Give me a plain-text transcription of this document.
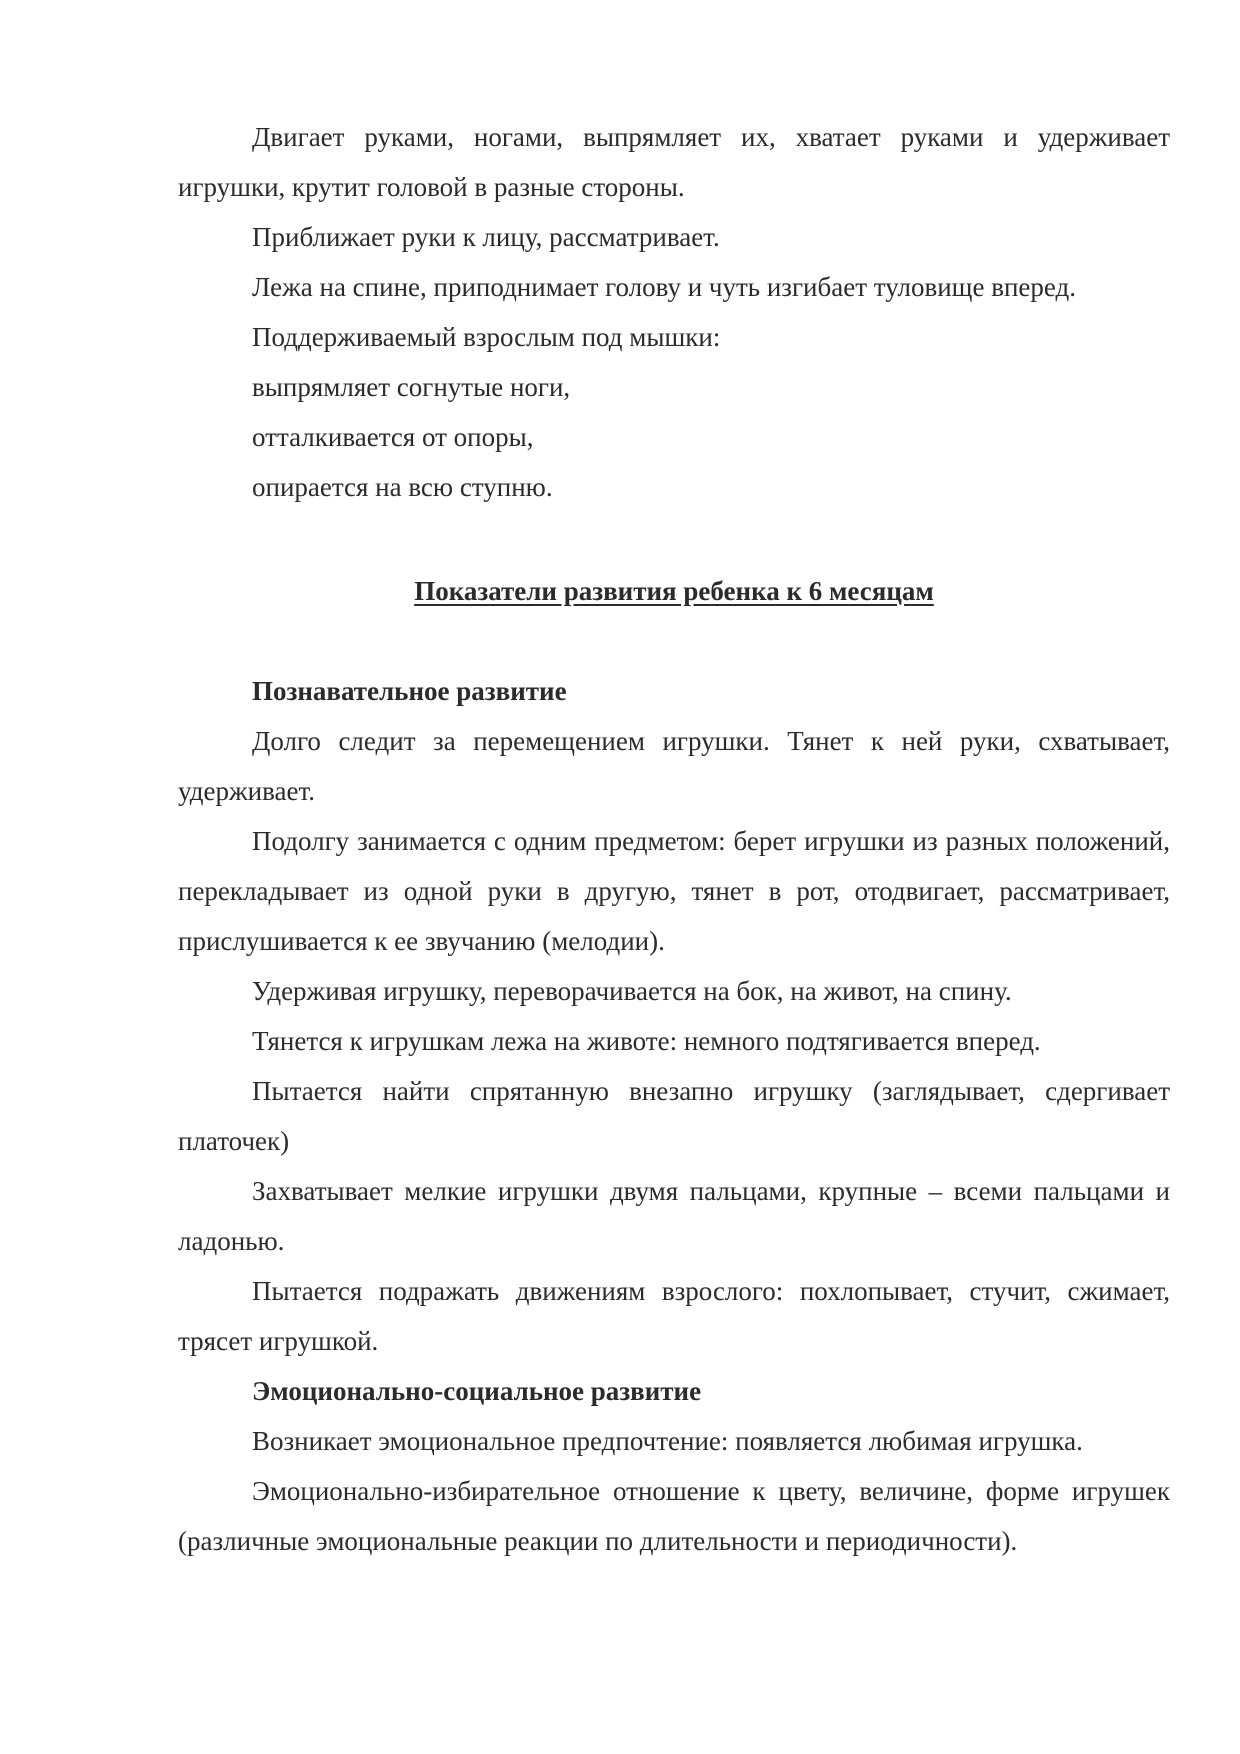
Двигает руками, ногами, выпрямляет их, хватает руками и удерживает игрушки, крутит головой в разные стороны.

Приближает руки к лицу, рассматривает.

Лежа на спине, приподнимает голову и чуть изгибает туловище вперед.

Поддерживаемый взрослым под мышки:

выпрямляет согнутые ноги,

отталкивается от опоры,

опирается на всю ступню.

Показатели развития ребенка к 6 месяцам

Познавательное развитие

Долго следит за перемещением игрушки. Тянет к ней руки, схватывает, удерживает.

Подолгу занимается с одним предметом: берет игрушки из разных положений, перекладывает из одной руки в другую, тянет в рот, отодвигает, рассматривает, прислушивается к ее звучанию (мелодии).

Удерживая игрушку, переворачивается на бок, на живот, на спину.

Тянется к игрушкам лежа на животе: немного подтягивается вперед.

Пытается найти спрятанную внезапно игрушку (заглядывает, сдергивает платочек)

Захватывает мелкие игрушки двумя пальцами, крупные – всеми пальцами и ладонью.

Пытается подражать движениям взрослого: похлопывает, стучит, сжимает, трясет игрушкой.

Эмоционально-социальное развитие

Возникает эмоциональное предпочтение: появляется любимая игрушка.

Эмоционально-избирательное отношение к цвету, величине, форме игрушек (различные эмоциональные реакции по длительности и периодичности).
